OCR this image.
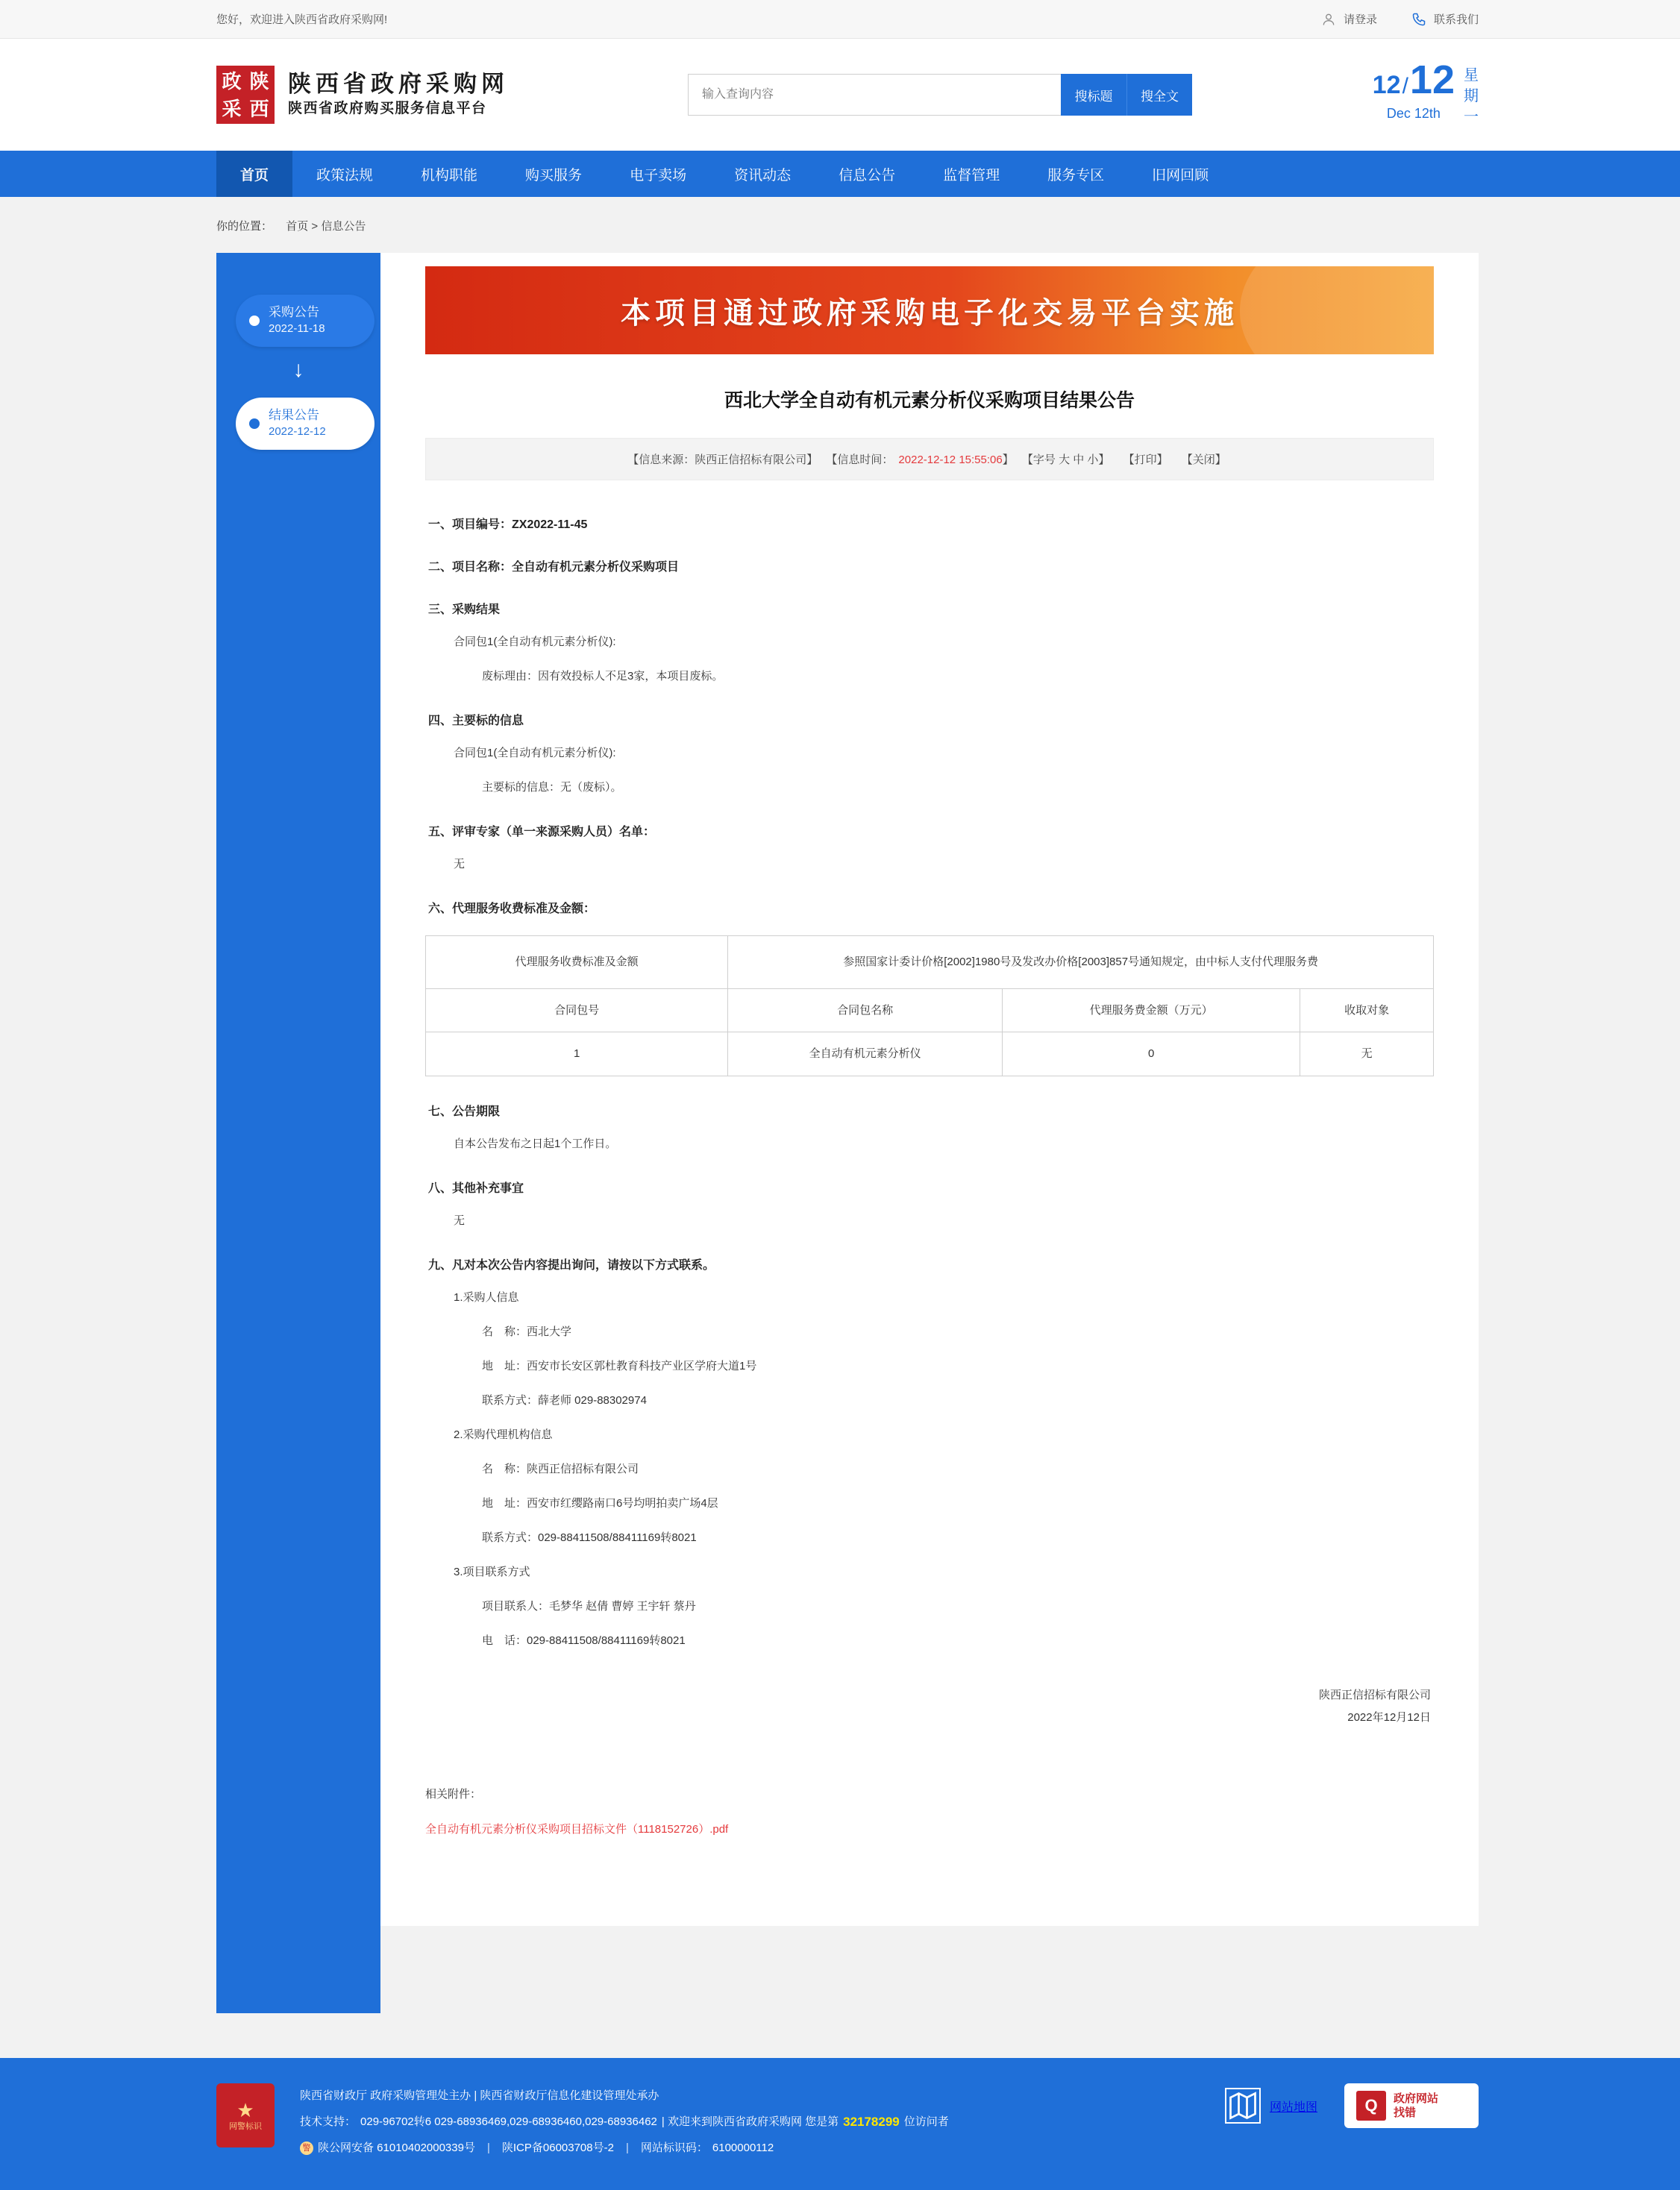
您好，欢迎进入陕西省政府采购网!	请登录	联系我们
政 陕
采 西
陕西省政府采购网
陕西省政府购买服务信息平台
输入查询内容
搜标题	搜全文	12 / 12
Dec 12th
星
期
一
首页	政策法规	机构职能	购买服务	电子卖场	资讯动态	信息公告	监督管理	服务专区	旧网回顾
你的位置： 首页 > 信息公告
采购公告
2022-11-18
↓
结果公告
2022-12-12
本项目通过政府采购电子化交易平台实施
西北大学全自动有机元素分析仪采购项目结果公告
【信息来源：陕西正信招标有限公司】 【信息时间： 2022-12-12 15:55:06】 【字号 大 中 小】 【打印】 【关闭】
一、项目编号：ZX2022-11-45
二、项目名称：全自动有机元素分析仪采购项目
三、采购结果
合同包1(全自动有机元素分析仪):
废标理由：因有效投标人不足3家，本项目废标。
四、主要标的信息
合同包1(全自动有机元素分析仪):
主要标的信息：无（废标）。
五、评审专家（单一来源采购人员）名单：
无
六、代理服务收费标准及金额：
代理服务收费标准及金额	参照国家计委计价格[2002]1980号及发改办价格[2003]857号通知规定，由中标人支付代理服务费		
合同包号	合同包名称	代理服务费金额（万元）	收取对象
1	全自动有机元素分析仪	0	无
七、公告期限
自本公告发布之日起1个工作日。
八、其他补充事宜
无
九、凡对本次公告内容提出询问，请按以下方式联系。
1.采购人信息
名　称：西北大学
地　址：西安市长安区郭杜教育科技产业区学府大道1号
联系方式：薛老师 029-88302974
2.采购代理机构信息
名　称：陕西正信招标有限公司
地　址：西安市红缨路南口6号均明拍卖广场4层
联系方式：029-88411508/88411169转8021
3.项目联系方式
项目联系人：毛梦华 赵倩 曹婷 王宇轩 蔡丹
电　话：029-88411508/88411169转8021
陕西正信招标有限公司
2022年12月12日
相关附件：
全自动有机元素分析仪采购项目招标文件（1118152726）.pdf
★
网警标识
陕西省财政厅 政府采购管理处主办 | 陕西省财政厅信息化建设管理处承办
技术支持： 029-96702转6 029-68936469,029-68936460,029-68936462 | 欢迎来到陕西省政府采购网 您是第 32178299 位访问者
警 陕公网安备 61010402000339号 | 陕ICP备06003708号-2 | 网站标识码： 6100000112
网站地图	Q	政府网站
找错
